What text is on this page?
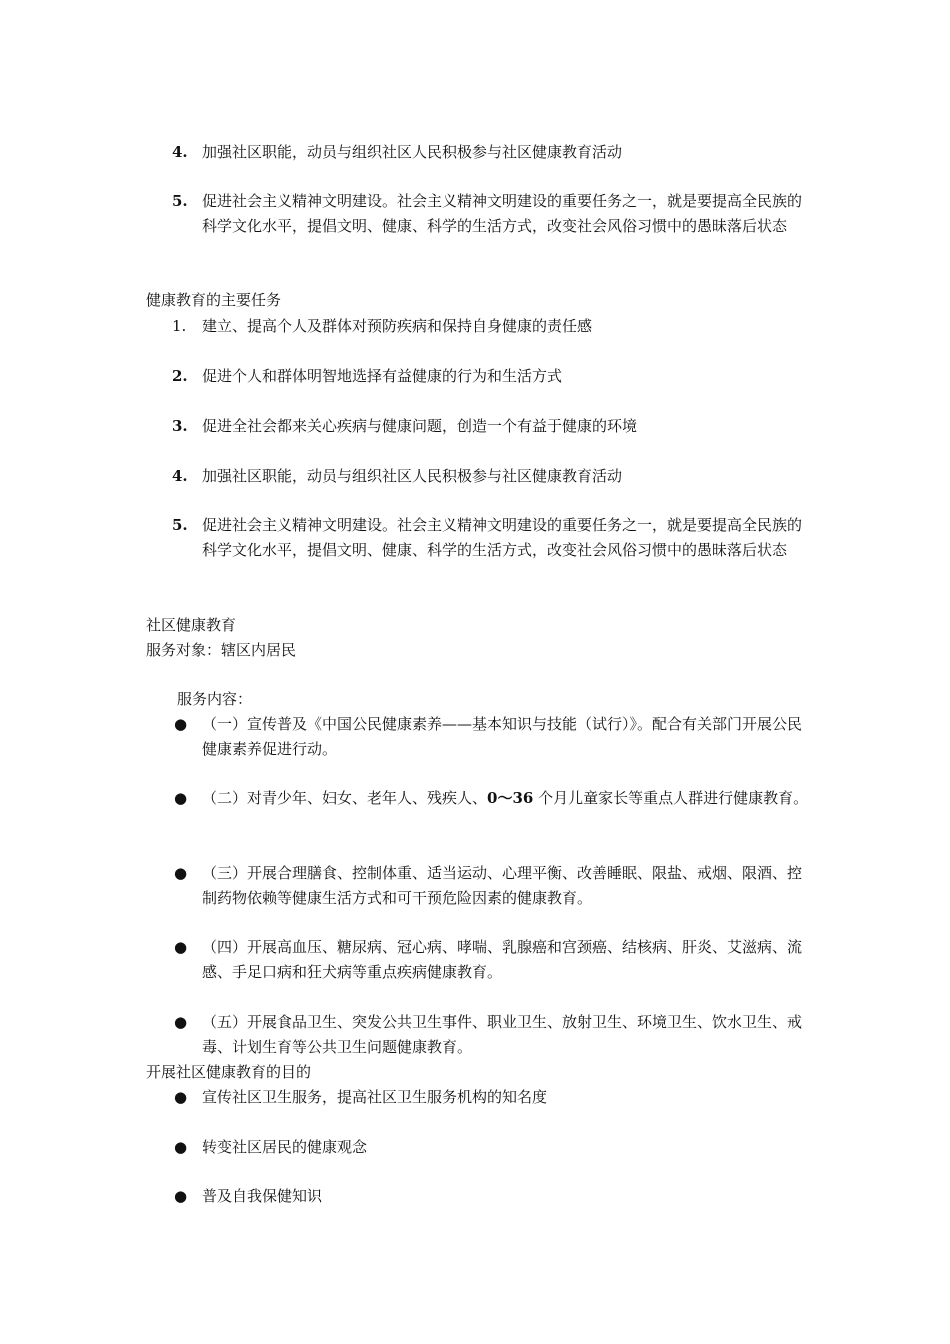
4. 加强社区职能，动员与组织社区人民积极参与社区健康教育活动
5. 促进社会主义精神文明建设。社会主义精神文明建设的重要任务之一，就是要提高全民族的科学文化水平，提倡文明、健康、科学的生活方式，改变社会风俗习惯中的愚昧落后状态
健康教育的主要任务
1.	建立、提高个人及群体对预防疾病和保持自身健康的责任感
2. 促进个人和群体明智地选择有益健康的行为和生活方式
3. 促进全社会都来关心疾病与健康问题，创造一个有益于健康的环境
4. 加强社区职能，动员与组织社区人民积极参与社区健康教育活动
5. 促进社会主义精神文明建设。社会主义精神文明建设的重要任务之一，就是要提高全民族的科学文化水平，提倡文明、健康、科学的生活方式，改变社会风俗习惯中的愚昧落后状态
社区健康教育
服务对象：辖区内居民
服务内容：
● （一）宣传普及《中国公民健康素养——基本知识与技能（试行）》。配合有关部门开展公民健康素养促进行动。
● （二）对青少年、妇女、老年人、残疾人、0～36 个月儿童家长等重点人群进行健康教育。
● （三）开展合理膳食、控制体重、适当运动、心理平衡、改善睡眠、限盐、戒烟、限酒、控制药物依赖等健康生活方式和可干预危险因素的健康教育。
● （四）开展高血压、糖尿病、冠心病、哮喘、乳腺癌和宫颈癌、结核病、肝炎、艾滋病、流感、手足口病和狂犬病等重点疾病健康教育。
● （五）开展食品卫生、突发公共卫生事件、职业卫生、放射卫生、环境卫生、饮水卫生、戒毒、计划生育等公共卫生问题健康教育。
开展社区健康教育的目的
● 宣传社区卫生服务，提高社区卫生服务机构的知名度
● 转变社区居民的健康观念
● 普及自我保健知识
